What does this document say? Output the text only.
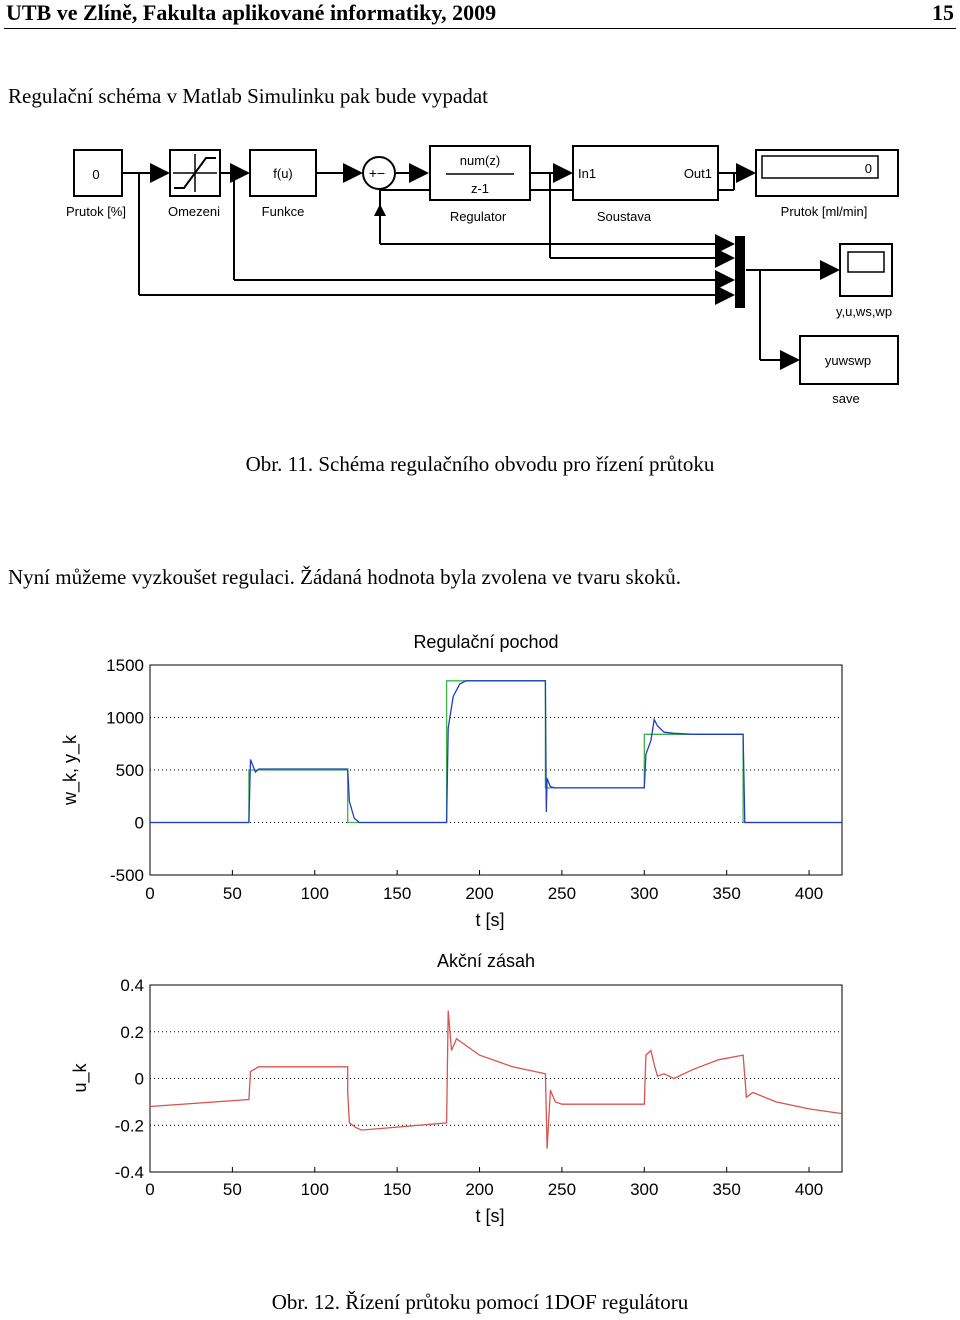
UTB ve Zlíně, Fakulta aplikované informatiky, 2009	15
Regulační schéma v Matlab Simulinku pak bude vypadat
0
Prutok [%]	Omezeni
f(u)
Funkce
+−
num(z)
z-1
Regulator
In1	Out1
Soustava
0
Prutok [ml/min]
y,u,ws,wp
yuwswp
save
Obr. 11. Schéma regulačního obvodu pro řízení průtoku
Nyní můžeme vyzkoušet regulaci. Žádaná hodnota byla zvolena ve tvaru skoků.
1500
1000
500
0
-500
0	50	100	150	200	250	300	350	400
Regulační pochod
t [s]
w_k, y_k
0.4
0.2
0
-0.2
-0.4
0	50	100	150	200	250	300	350	400
Akční zásah
t [s]
u_k
Obr. 12. Řízení průtoku pomocí 1DOF regulátoru
